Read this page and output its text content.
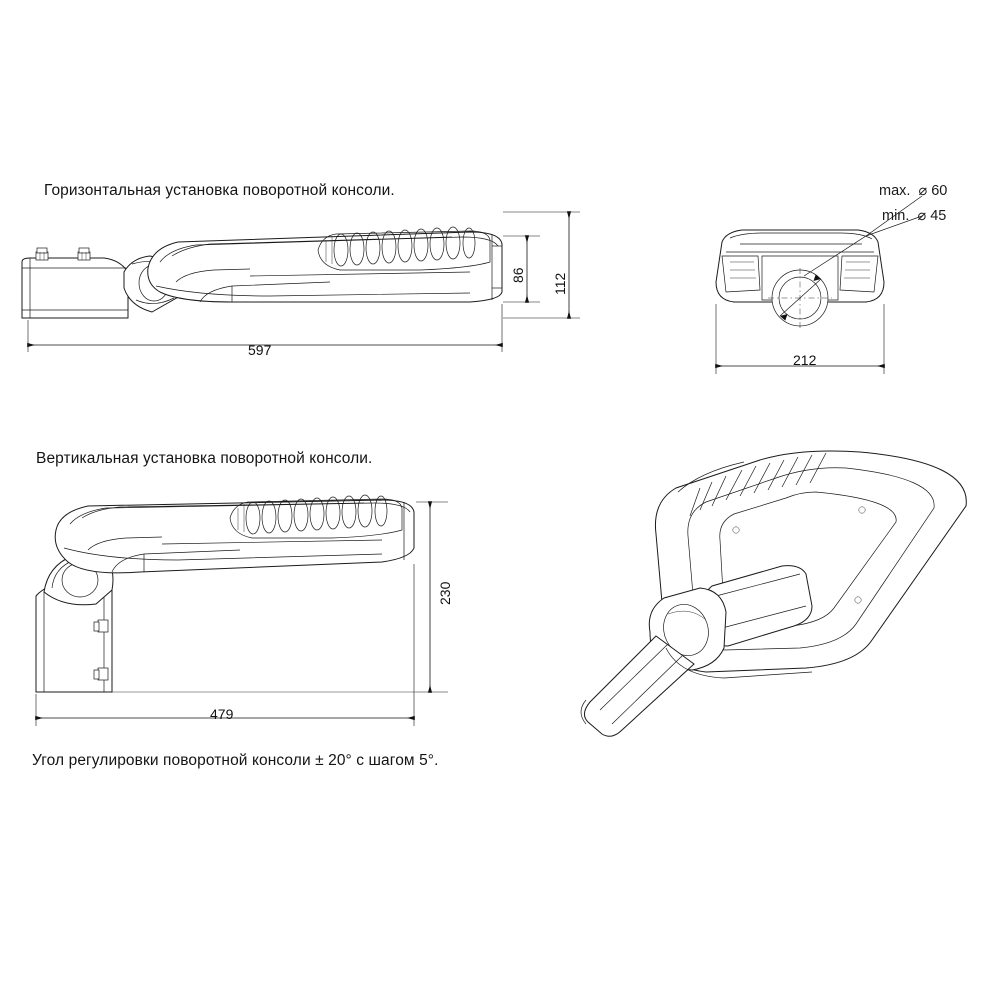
Горизонтальная установка поворотной консоли.
Вертикальная установка поворотной консоли.
Угол регулировки поворотной консоли ± 20° с шагом 5°.
597
86 112
212
230
479
max. ⌀ 60
min. ⌀ 45
